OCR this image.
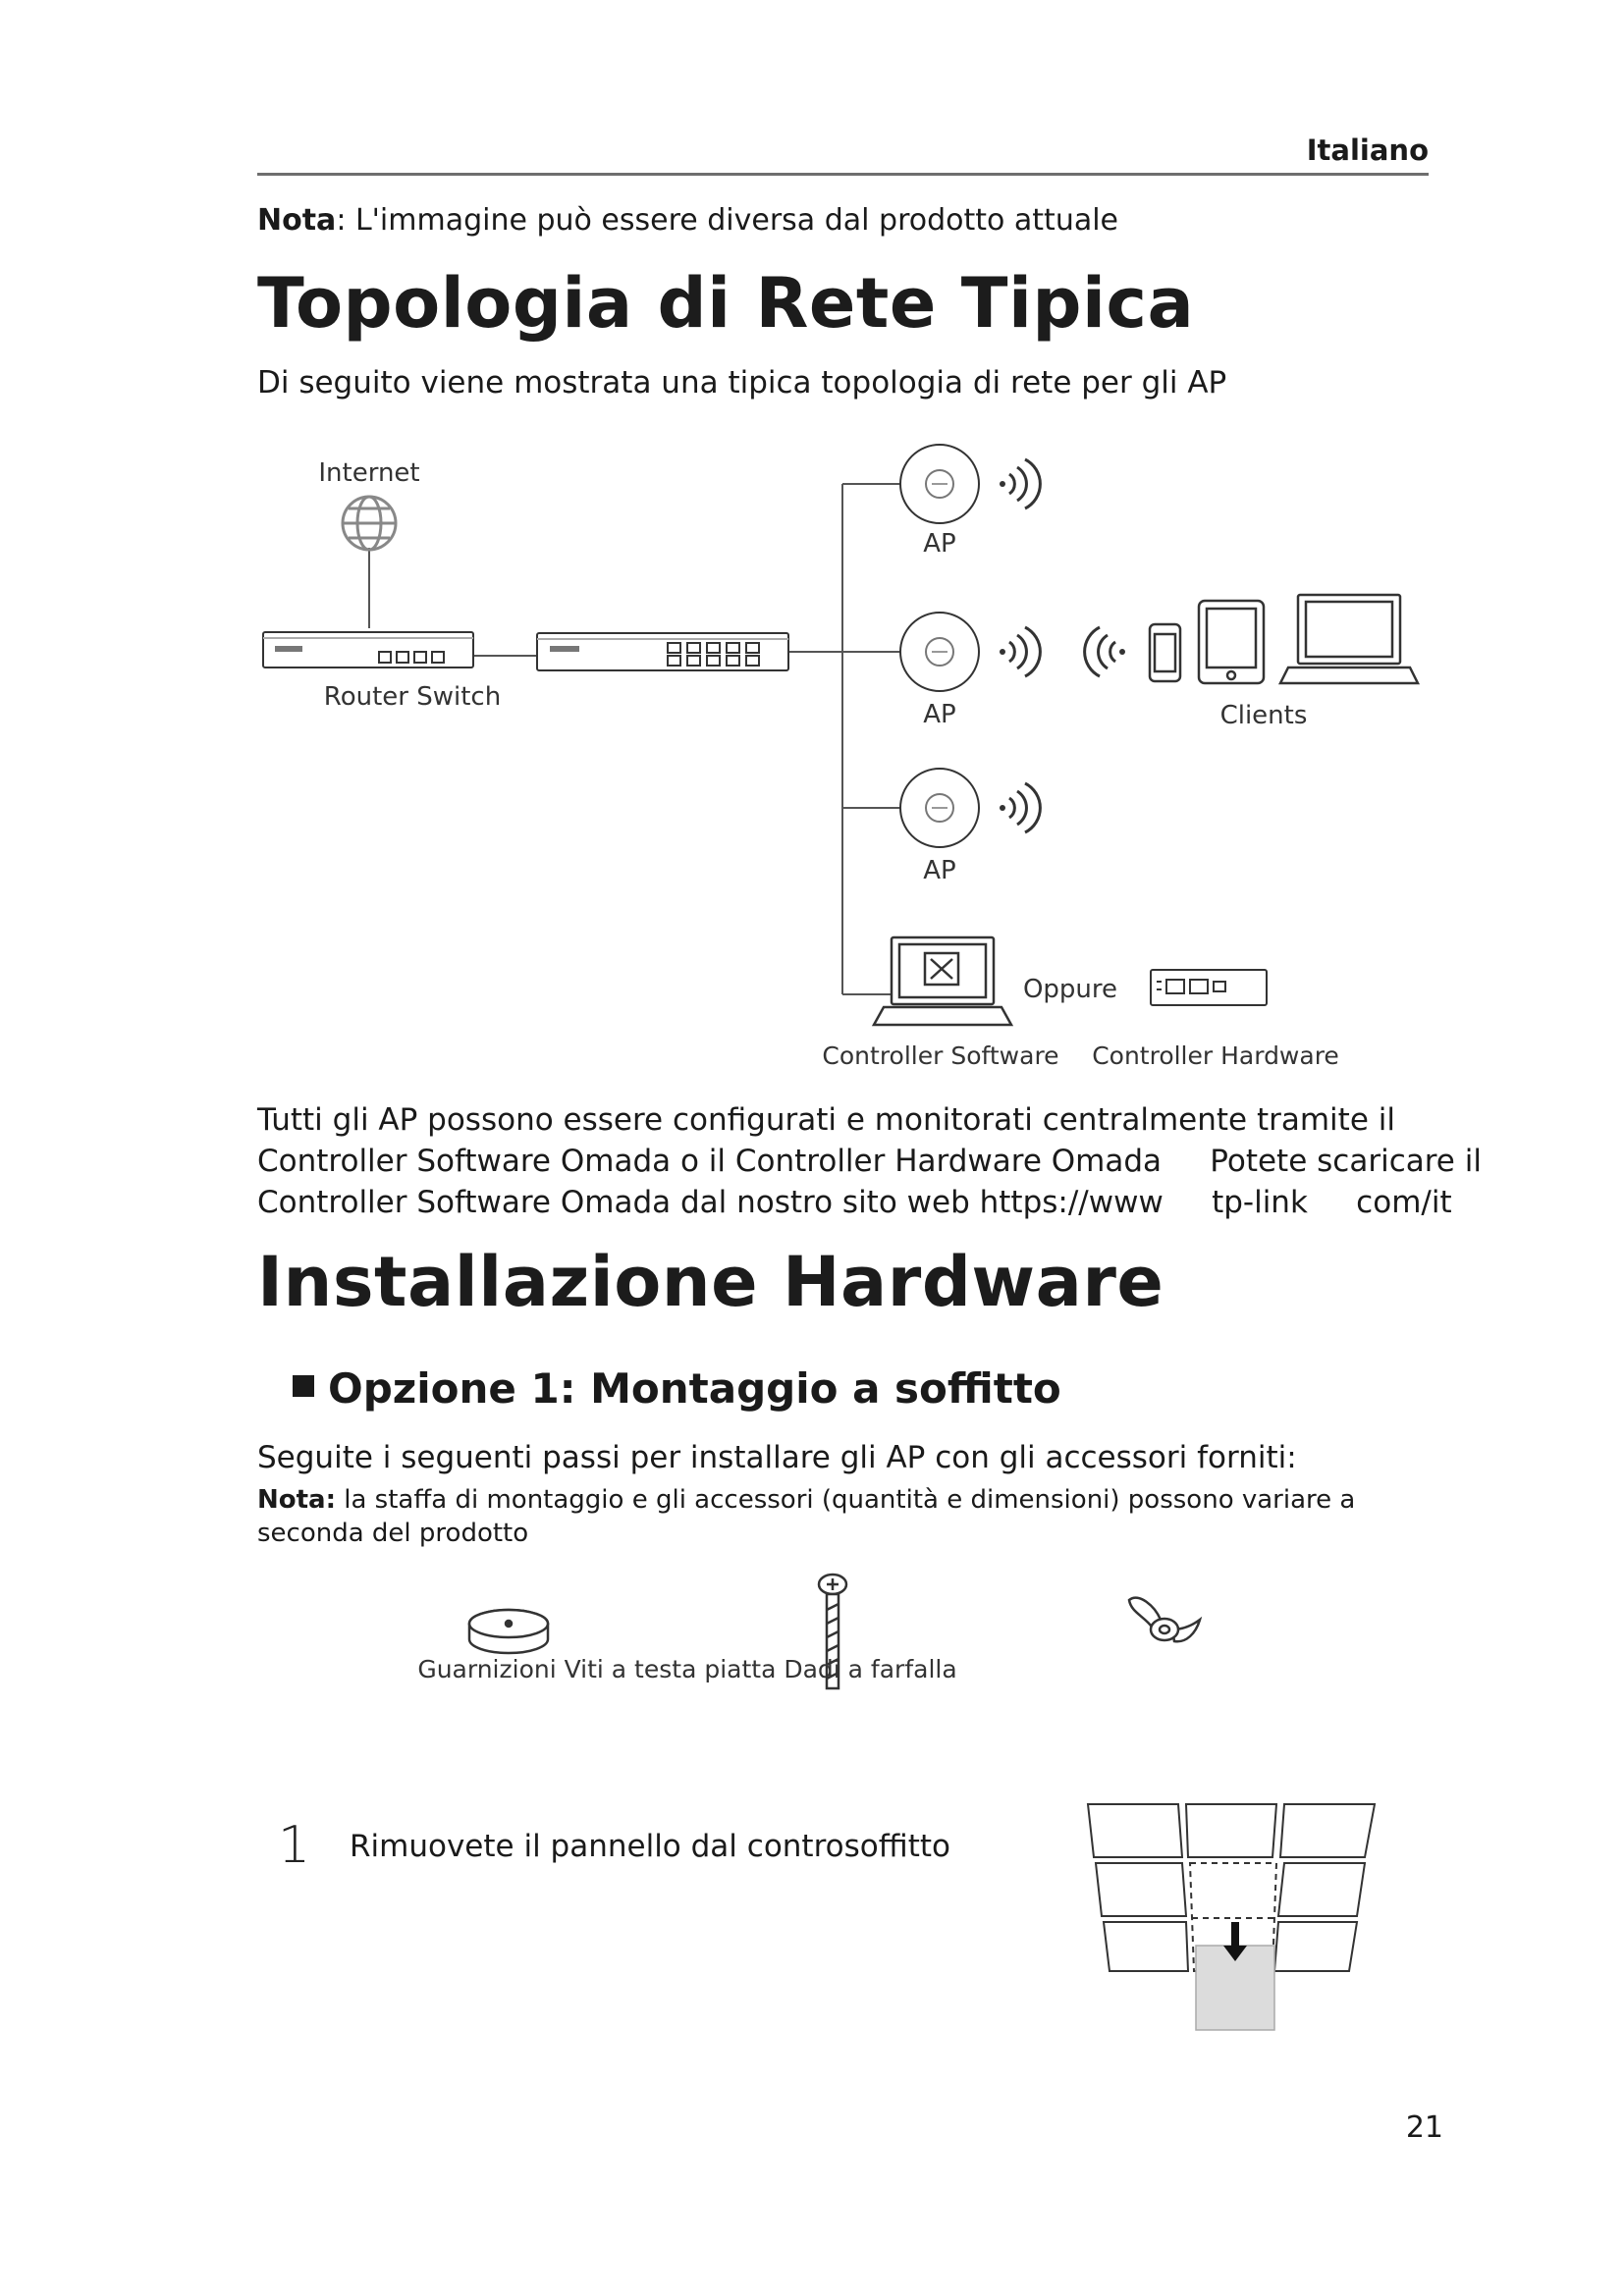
Italiano
Nota: L'immagine può essere diversa dal prodotto attuale
Topologia di Rete Tipica
Di seguito viene mostrata una tipica topologia di rete per gli AP
Internet
Router Switch
AP
AP
AP
Clients
Oppure
Controller Software Controller Hardware
Tutti gli AP possono essere configurati e monitorati centralmente tramite il
Controller Software Omada o il Controller Hardware Omada     Potete scaricare il
Controller Software Omada dal nostro sito web https://www     tp-link     com/it
Installazione Hardware
Opzione 1: Montaggio a soffitto
Seguite i seguenti passi per installare gli AP con gli accessori forniti:
Nota: la staffa di montaggio e gli accessori (quantità e dimensioni) possono variare a seconda del prodotto
Guarnizioni Viti a testa piatta Dadi a farfalla
1 Rimuovete il pannello dal controsoffitto
21
